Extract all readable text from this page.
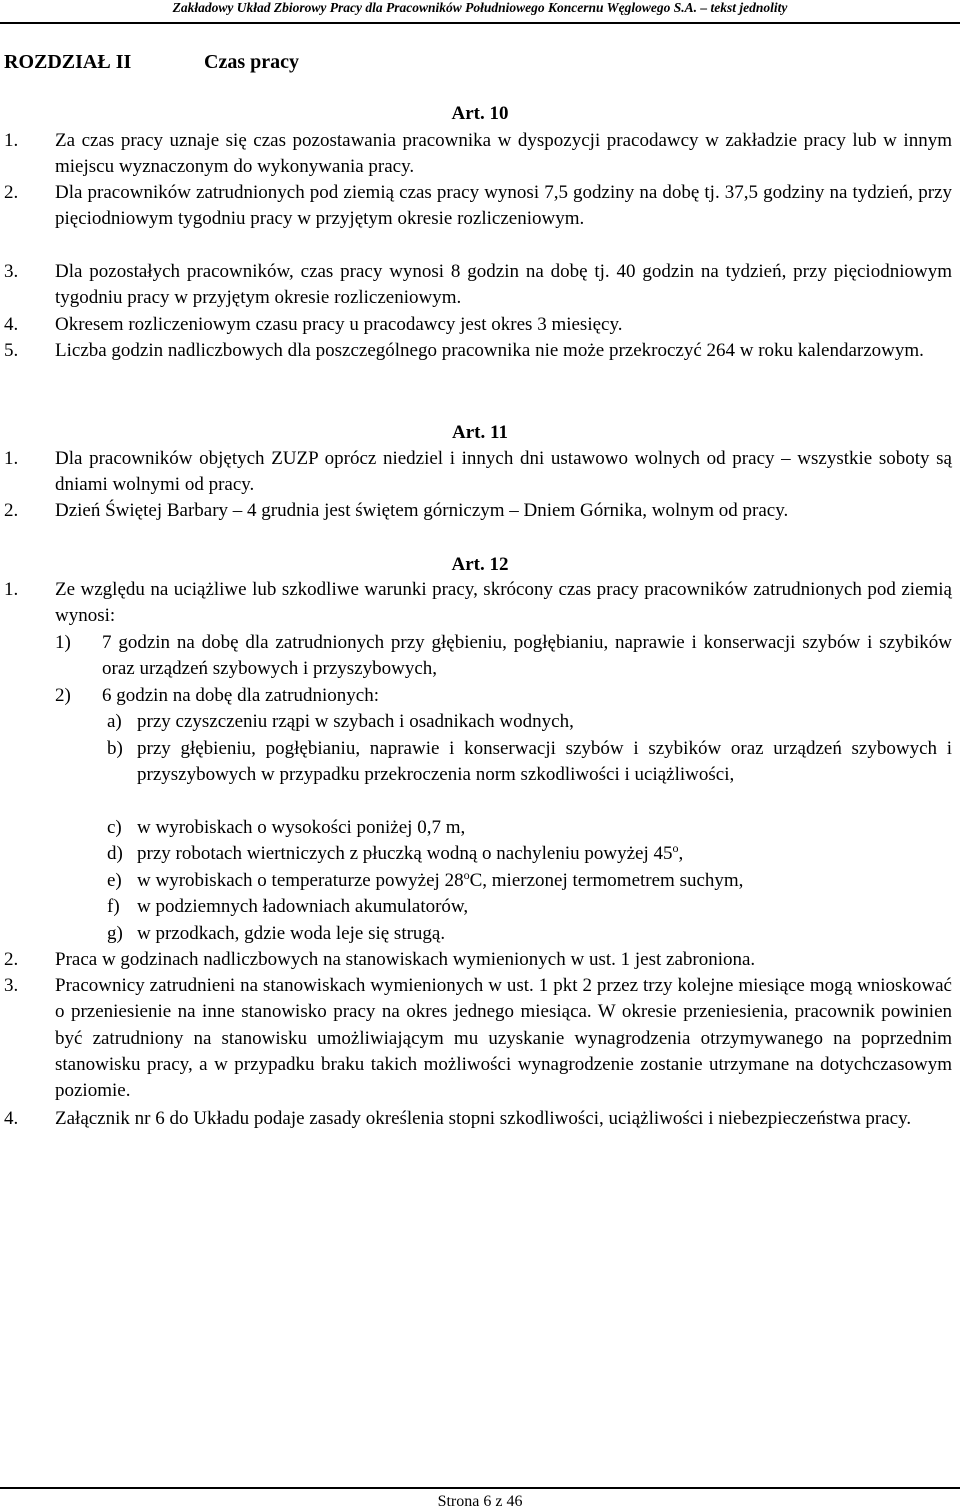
Zakładowy Układ Zbiorowy Pracy dla Pracowników Południowego Koncernu Węglowego S.A. – tekst jednolity
ROZDZIAŁ II	Czas pracy
Art. 10
1. Za czas pracy uznaje się czas pozostawania pracownika w dyspozycji pracodawcy w zakładzie pracy lub w innym miejscu wyznaczonym do wykonywania pracy.
2. Dla pracowników zatrudnionych pod ziemią czas pracy wynosi 7,5 godziny na dobę tj. 37,5 godziny na tydzień, przy pięciodniowym tygodniu pracy w przyjętym okresie rozliczeniowym.
3. Dla pozostałych pracowników, czas pracy wynosi 8 godzin na dobę tj. 40 godzin na tydzień, przy pięciodniowym tygodniu pracy w przyjętym okresie rozliczeniowym.
4. Okresem rozliczeniowym czasu pracy u pracodawcy jest okres 3 miesięcy.
5. Liczba godzin nadliczbowych dla poszczególnego pracownika nie może przekroczyć 264 w roku kalendarzowym.
Art. 11
1. Dla pracowników objętych ZUZP oprócz niedziel i innych dni ustawowo wolnych od pracy – wszystkie soboty są dniami wolnymi od pracy.
2. Dzień Świętej Barbary – 4 grudnia jest świętem górniczym – Dniem Górnika, wolnym od pracy.
Art. 12
1. Ze względu na uciążliwe lub szkodliwe warunki pracy, skrócony czas pracy pracowników zatrudnionych pod ziemią wynosi:
1) 7 godzin na dobę dla zatrudnionych przy głębieniu, pogłębianiu, naprawie i konserwacji szybów i szybików oraz urządzeń szybowych i przyszybowych,
2) 6 godzin na dobę dla zatrudnionych:
a) przy czyszczeniu rząpi w szybach i osadnikach wodnych,
b) przy głębieniu, pogłębianiu, naprawie i konserwacji szybów i szybików oraz urządzeń szybowych i przyszybowych w przypadku przekroczenia norm szkodliwości i uciążliwości,
c) w wyrobiskach o wysokości poniżej 0,7 m,
d) przy robotach wiertniczych z płuczką wodną o nachyleniu powyżej 45$^o$,
e) w wyrobiskach o temperaturze powyżej 28$^o$C, mierzonej termometrem suchym,
f) w podziemnych ładowniach akumulatorów,
g) w przodkach, gdzie woda leje się strugą.
2. Praca w godzinach nadliczbowych na stanowiskach wymienionych w ust. 1 jest zabroniona.
3. Pracownicy zatrudnieni na stanowiskach wymienionych w ust. 1 pkt 2 przez trzy kolejne miesiące mogą wnioskować o przeniesienie na inne stanowisko pracy na okres jednego miesiąca. W okresie przeniesienia, pracownik powinien być zatrudniony na stanowisku umożliwiającym mu uzyskanie wynagrodzenia otrzymywanego na poprzednim stanowisku pracy, a w przypadku braku takich możliwości wynagrodzenie zostanie utrzymane na dotychczasowym poziomie.
4. Załącznik nr 6 do Układu podaje zasady określenia stopni szkodliwości, uciążliwości i niebezpieczeństwa pracy.
Strona 6 z 46
